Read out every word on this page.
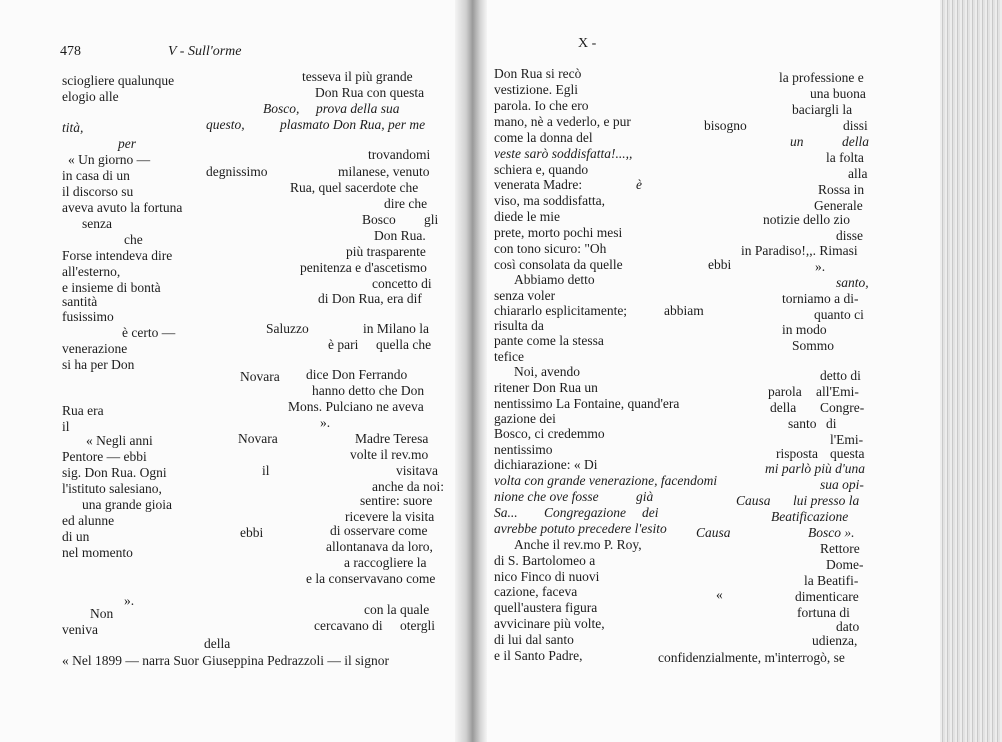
478	V - Sull'orme
X -
sciogliere qualunque	tesseva il più grande
elogio alle	Don Rua con questa
Bosco, prova della sua
tità,	questo,	plasmato Don Rua, per me
per
« Un giorno —	trovandomi
in casa di un	degnissimo	milanese, venuto
il discorso su	Rua, quel sacerdote che
aveva avuto la fortuna	dire che
senza	Bosco gli
che	Don Rua.
Forse intendeva dire	più trasparente
all'esterno,	penitenza e d'ascetismo
e insieme di bontà	concetto di
santità	di Don Rua, era dif
fusissimo
è certo —	Saluzzo	in Milano la
venerazione	è pari quella che
si ha per Don
Novara dice Don Ferrando
hanno detto che Don
Rua era	Mons. Pulciano ne aveva
il	».
« Negli anni	Novara	Madre Teresa
Pentore — ebbi	volte il rev.mo
sig. Don Rua. Ogni	il	visitava
l'istituto salesiano,	anche da noi:
una grande gioia	sentire: suore
ed alunne	ricevere la visita
di un	ebbi	di osservare come
nel momento	allontanava da loro,
a raccogliere la
e la conservavano come
».
Non	con la quale
veniva	cercavano di otergli
della
« Nel 1899 — narra Suor Giuseppina Pedrazzoli — il signor
Don Rua si recò	la professione e
vestizione. Egli	una buona
parola. Io che ero	baciargli la
mano, nè a vederlo, e pur	bisogno	dissi
come la donna del	un	della
veste sarò soddisfatta!...,,	la folta
schiera e, quando	alla
venerata Madre:	è	Rossa in
viso, ma soddisfatta,	Generale
diede le mie	notizie dello zio
prete, morto pochi mesi	disse
con tono sicuro: "Oh	in Paradiso!,,. Rimasi
così consolata da quelle	ebbi	».
Abbiamo detto	santo,
senza voler	torniamo a di-
chiararlo esplicitamente;	abbiam	quanto ci
risulta da	in modo
pante come la stessa	Sommo
tefice
Noi, avendo	detto di
ritener Don Rua un	parola all'Emi-
nentissimo La Fontaine, quand'era	della Congre-
gazione dei	santo di
Bosco, ci credemmo	l'Emi-
nentissimo	risposta questa
dichiarazione: « Di	mi parlò più d'una
volta con grande venerazione, facendomi	sua opi-
nione che ove fosse	già	Causa lui presso la
Sa... Congregazione dei	Beatificazione
avrebbe potuto precedere l'esito Causa	Bosco ».
Anche il rev.mo P. Roy,	Rettore
di S. Bartolomeo a	Dome-
nico Finco di nuovi	la Beatifi-
cazione, faceva	«	dimenticare
quell'austera figura	fortuna di
avvicinare più volte,	dato
di lui dal santo	udienza,
e il Santo Padre,	confidenzialmente, m'interrogò, se
